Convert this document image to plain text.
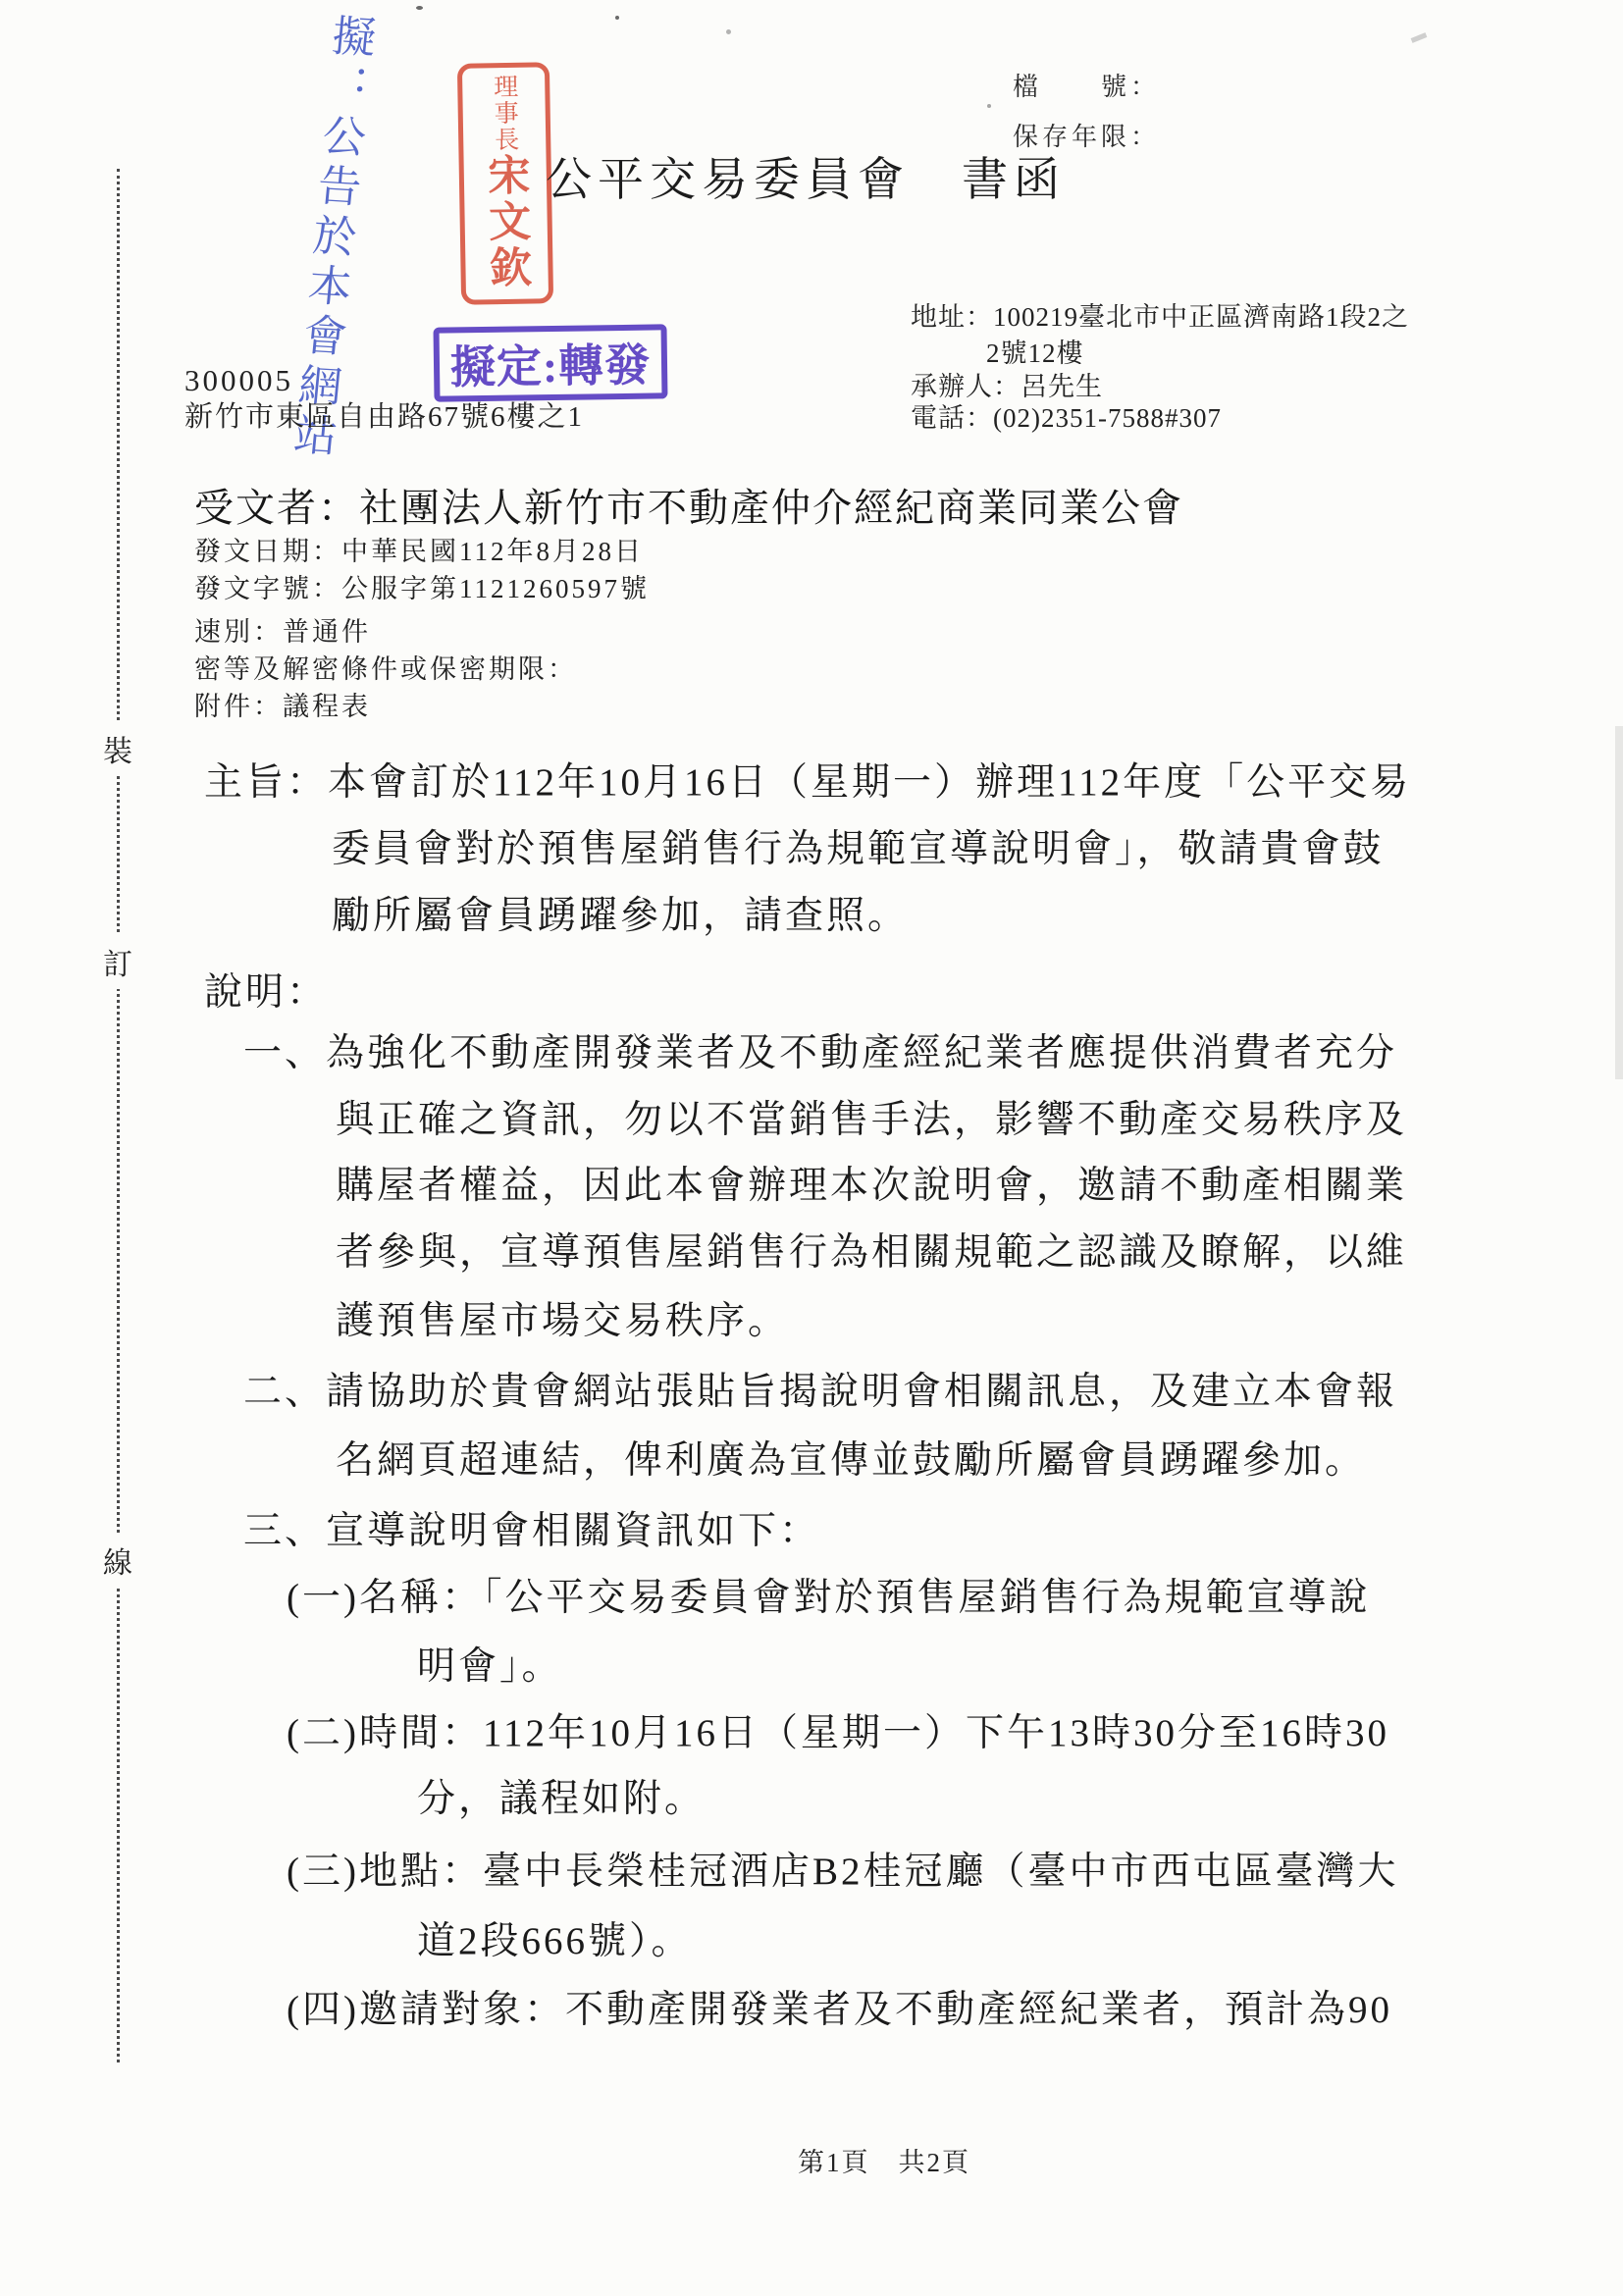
裝
訂
線
擬：公告於本會網站	理事長宋文欽
擬定:轉發
檔　　號：
保存年限：
公平交易委員會　書函
地址：100219臺北市中正區濟南路1段2之
2號12樓
承辦人：呂先生
電話：(02)2351-7588#307
300005
新竹市東區自由路67號6樓之1
受文者：社團法人新竹市不動產仲介經紀商業同業公會
發文日期：中華民國112年8月28日
發文字號：公服字第1121260597號
速別：普通件
密等及解密條件或保密期限：
附件：議程表
主旨：本會訂於112年10月16日（星期一）辦理112年度「公平交易
委員會對於預售屋銷售行為規範宣導說明會」，敬請貴會鼓
勵所屬會員踴躍參加，請查照。
說明：
一、為強化不動產開發業者及不動產經紀業者應提供消費者充分
與正確之資訊，勿以不當銷售手法，影響不動產交易秩序及
購屋者權益，因此本會辦理本次說明會，邀請不動產相關業
者參與，宣導預售屋銷售行為相關規範之認識及瞭解，以維
護預售屋市場交易秩序。
二、請協助於貴會網站張貼旨揭說明會相關訊息，及建立本會報
名網頁超連結，俾利廣為宣傳並鼓勵所屬會員踴躍參加。
三、宣導說明會相關資訊如下：
(一)名稱：「公平交易委員會對於預售屋銷售行為規範宣導說
明會」。
(二)時間：112年10月16日（星期一）下午13時30分至16時30
分，議程如附。
(三)地點：臺中長榮桂冠酒店B2桂冠廳（臺中市西屯區臺灣大
道2段666號）。
(四)邀請對象：不動產開發業者及不動產經紀業者，預計為90
第1頁　共2頁
